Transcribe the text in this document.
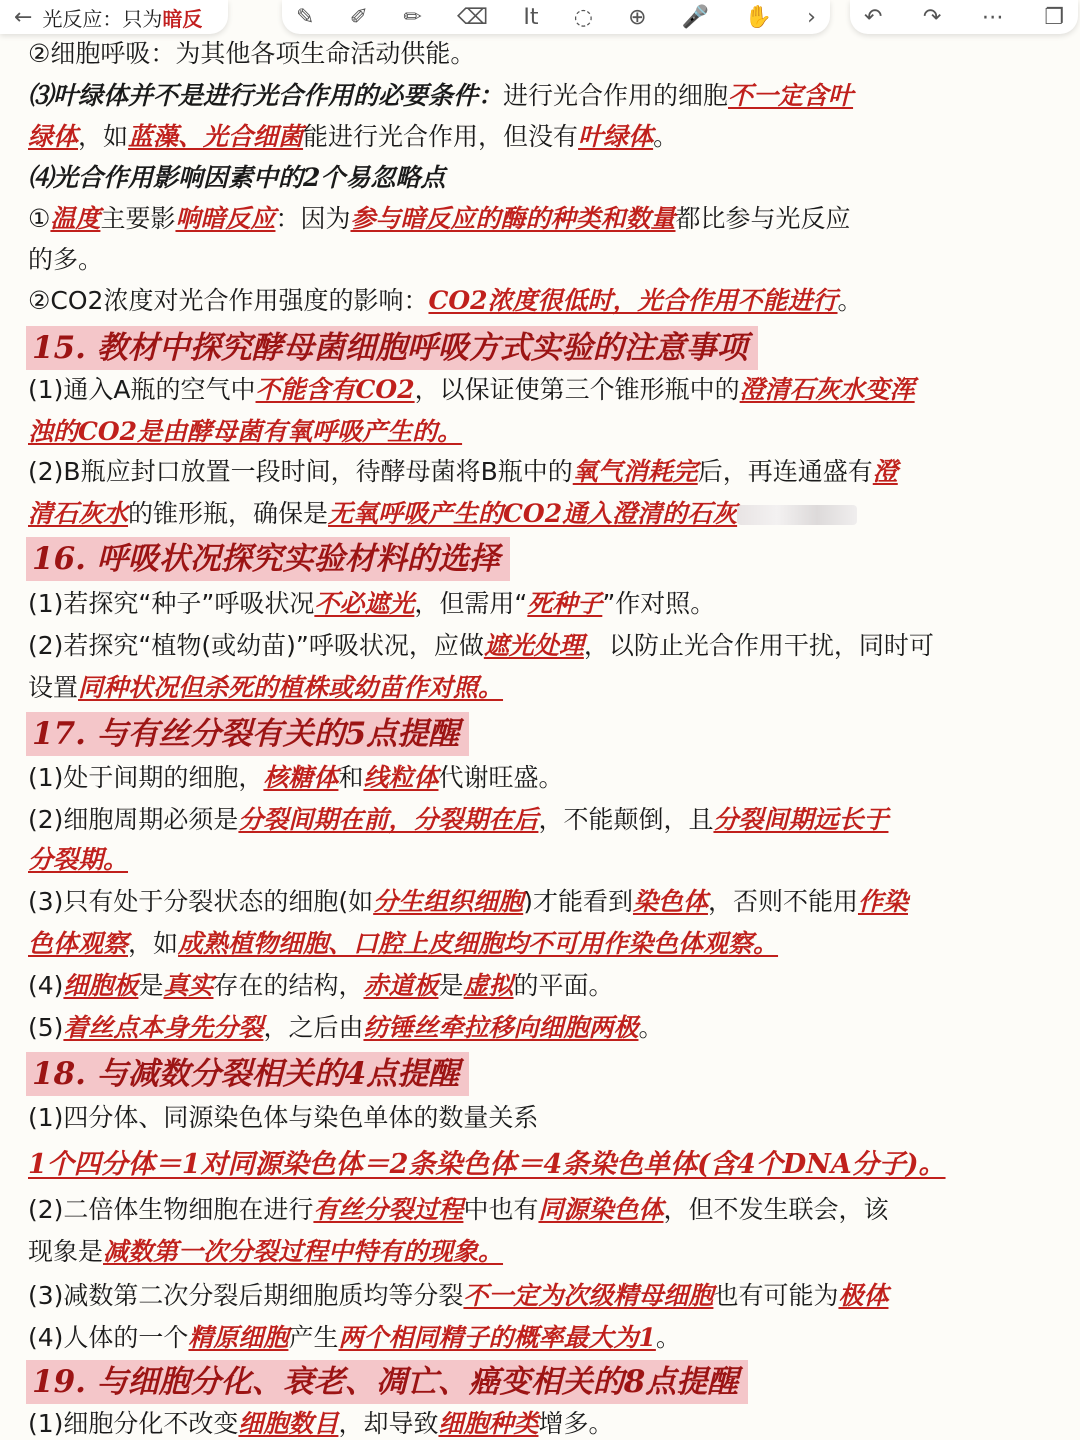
← 光反应：只为暗反	✎ ✐ ✏ ⌫ It ◌ ⊕ 🎤 ✋ › ↶ ↷ ⋯ ❐
②细胞呼吸：为其他各项生命活动供能。
⑶叶绿体并不是进行光合作用的必要条件：进行光合作用的细胞不一定含叶
绿体，如蓝藻、光合细菌能进行光合作用，但没有叶绿体。
⑷光合作用影响因素中的2个易忽略点
①温度主要影响暗反应：因为参与暗反应的酶的种类和数量都比参与光反应
的多。
②CO2浓度对光合作用强度的影响：CO2浓度很低时，光合作用不能进行。
15. 教材中探究酵母菌细胞呼吸方式实验的注意事项
(1)通入A瓶的空气中不能含有CO2，以保证使第三个锥形瓶中的澄清石灰水变浑
浊的CO2是由酵母菌有氧呼吸产生的。
(2)B瓶应封口放置一段时间，待酵母菌将B瓶中的氧气消耗完后，再连通盛有澄
清石灰水的锥形瓶，确保是无氧呼吸产生的CO2通入澄清的石灰
16. 呼吸状况探究实验材料的选择
(1)若探究“种子”呼吸状况不必遮光，但需用“死种子”作对照。
(2)若探究“植物(或幼苗)”呼吸状况，应做遮光处理，以防止光合作用干扰，同时可
设置同种状况但杀死的植株或幼苗作对照。
17. 与有丝分裂有关的5点提醒
(1)处于间期的细胞，核糖体和线粒体代谢旺盛。
(2)细胞周期必须是分裂间期在前，分裂期在后，不能颠倒，且分裂间期远长于
分裂期。
(3)只有处于分裂状态的细胞(如分生组织细胞)才能看到染色体，否则不能用作染
色体观察，如成熟植物细胞、口腔上皮细胞均不可用作染色体观察。
(4)细胞板是真实存在的结构，赤道板是虚拟的平面。
(5)着丝点本身先分裂，之后由纺锤丝牵拉移向细胞两极。
18. 与减数分裂相关的4点提醒
(1)四分体、同源染色体与染色单体的数量关系
1个四分体＝1对同源染色体＝2条染色体＝4条染色单体(含4个DNA分子)。
(2)二倍体生物细胞在进行有丝分裂过程中也有同源染色体，但不发生联会，该
现象是减数第一次分裂过程中特有的现象。
(3)减数第二次分裂后期细胞质均等分裂不一定为次级精母细胞也有可能为极体
(4)人体的一个精原细胞产生两个相同精子的概率最大为1。
19. 与细胞分化、衰老、凋亡、癌变相关的8点提醒
(1)细胞分化不改变细胞数目，却导致细胞种类增多。
